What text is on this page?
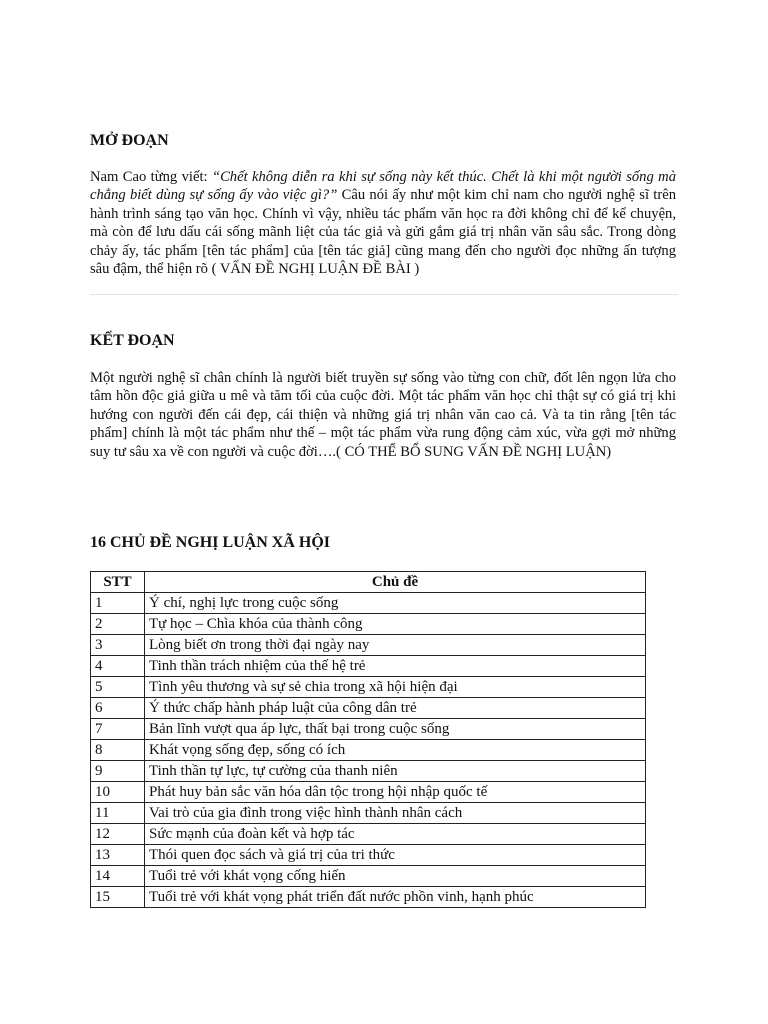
MỞ ĐOẠN

Nam Cao từng viết: “Chết không diễn ra khi sự sống này kết thúc. Chết là khi một người sống mà chẳng biết dùng sự sống ấy vào việc gì?” Câu nói ấy như một kim chỉ nam cho người nghệ sĩ trên hành trình sáng tạo văn học. Chính vì vậy, nhiều tác phẩm văn học ra đời không chỉ để kể chuyện, mà còn để lưu dấu cái sống mãnh liệt của tác giả và gửi gắm giá trị nhân văn sâu sắc. Trong dòng chảy ấy, tác phẩm [tên tác phẩm] của [tên tác giả] cũng mang đến cho người đọc những ấn tượng sâu đậm, thể hiện rõ ( VẤN ĐỀ NGHỊ LUẬN ĐỀ BÀI )

KẾT ĐOẠN

Một người nghệ sĩ chân chính là người biết truyền sự sống vào từng con chữ, đốt lên ngọn lửa cho tâm hồn độc giả giữa u mê và tăm tối của cuộc đời. Một tác phẩm văn học chỉ thật sự có giá trị khi hướng con người đến cái đẹp, cái thiện và những giá trị nhân văn cao cả. Và ta tin rằng [tên tác phẩm] chính là một tác phẩm như thế – một tác phẩm vừa rung động cảm xúc, vừa gợi mở những suy tư sâu xa về con người và cuộc đời….( CÓ THỂ BỔ SUNG VẤN ĐỀ NGHỊ LUẬN)

16 CHỦ ĐỀ NGHỊ LUẬN XÃ HỘI
STT	Chủ đề
1	Ý chí, nghị lực trong cuộc sống
2	Tự học – Chìa khóa của thành công
3	Lòng biết ơn trong thời đại ngày nay
4	Tinh thần trách nhiệm của thế hệ trẻ
5	Tình yêu thương và sự sẻ chia trong xã hội hiện đại
6	Ý thức chấp hành pháp luật của công dân trẻ
7	Bản lĩnh vượt qua áp lực, thất bại trong cuộc sống
8	Khát vọng sống đẹp, sống có ích
9	Tinh thần tự lực, tự cường của thanh niên
10	Phát huy bản sắc văn hóa dân tộc trong hội nhập quốc tế
11	Vai trò của gia đình trong việc hình thành nhân cách
12	Sức mạnh của đoàn kết và hợp tác
13	Thói quen đọc sách và giá trị của tri thức
14	Tuổi trẻ với khát vọng cống hiến
15	Tuổi trẻ với khát vọng phát triển đất nước phồn vinh, hạnh phúc
